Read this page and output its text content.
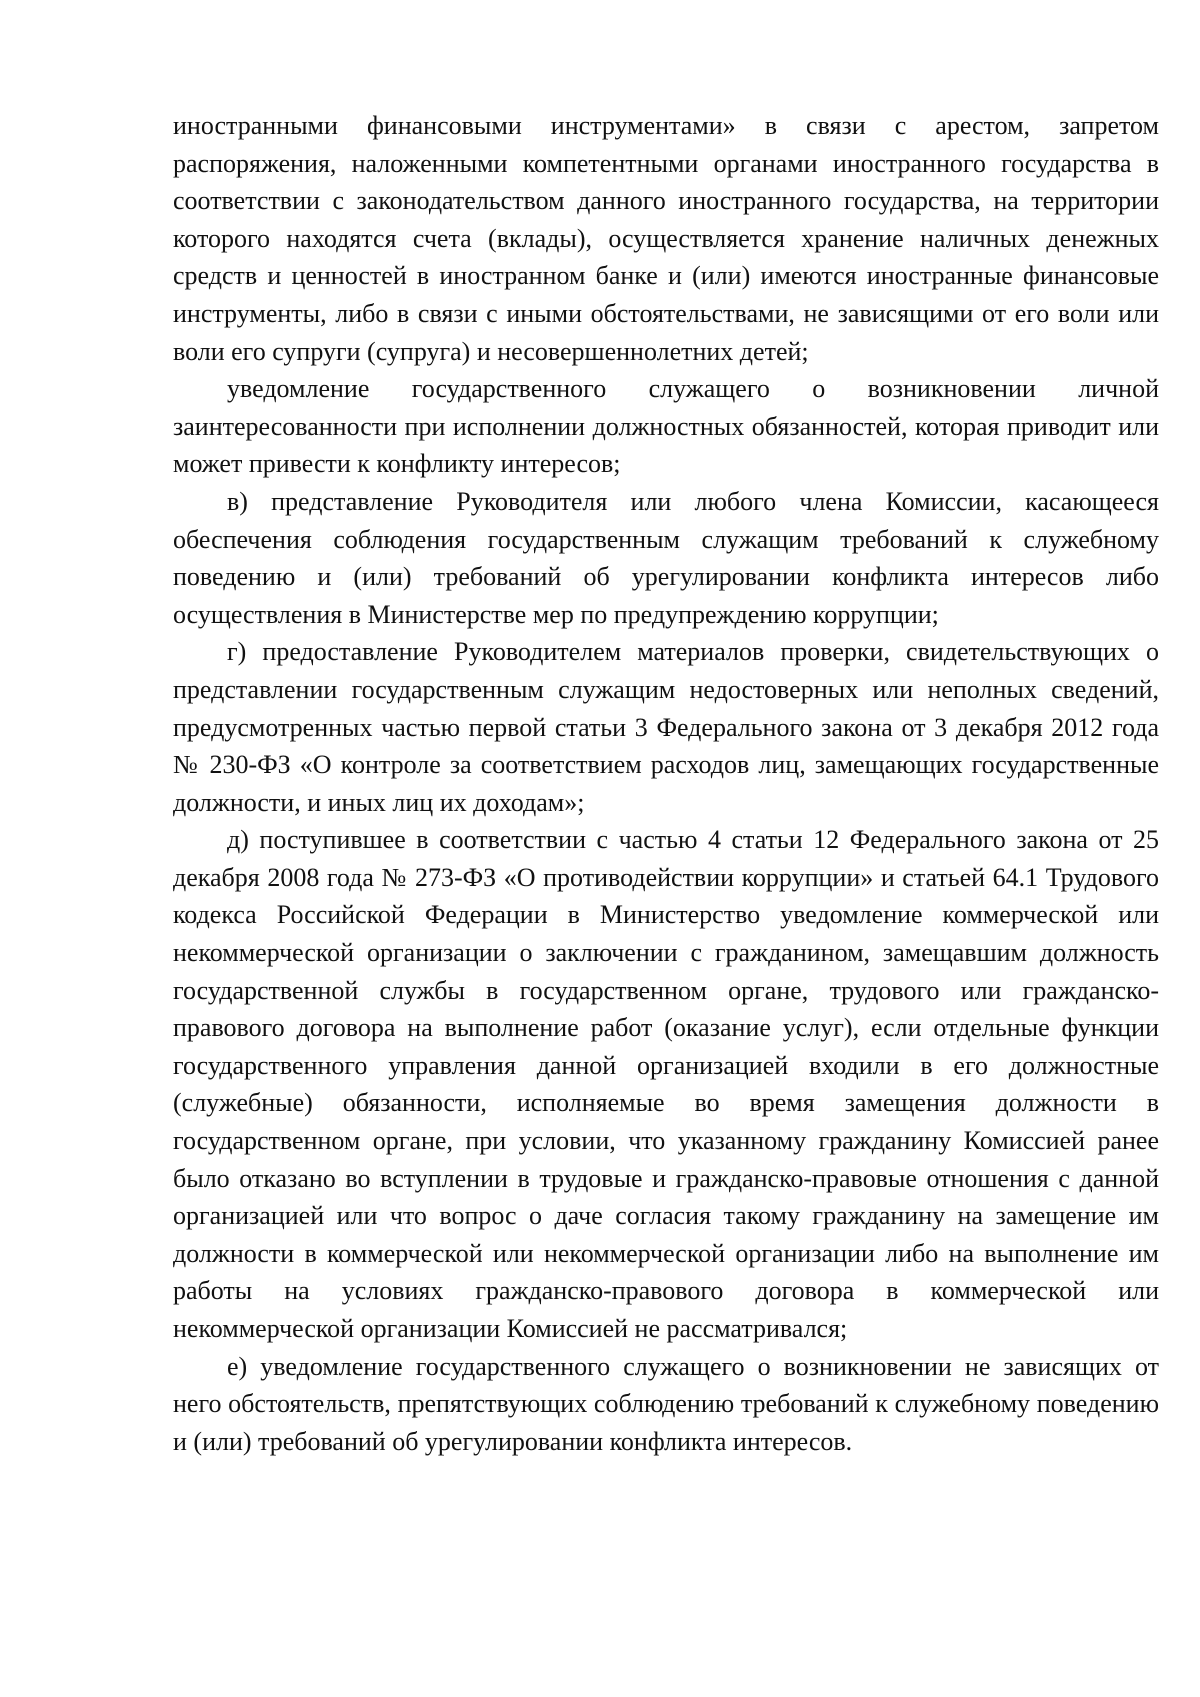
иностранными финансовыми инструментами» в связи с арестом, запретом распоряжения, наложенными компетентными органами иностранного государства в соответствии с законодательством данного иностранного государства, на территории которого находятся счета (вклады), осуществляется хранение наличных денежных средств и ценностей в иностранном банке и (или) имеются иностранные финансовые инструменты, либо в связи с иными обстоятельствами, не зависящими от его воли или воли его супруги (супруга) и несовершеннолетних детей;

уведомление государственного служащего о возникновении личной заинтересованности при исполнении должностных обязанностей, которая приводит или может привести к конфликту интересов;

в) представление Руководителя или любого члена Комиссии, касающееся обеспечения соблюдения государственным служащим требований к служебному поведению и (или) требований об урегулировании конфликта интересов либо осуществления в Министерстве мер по предупреждению коррупции;

г) предоставление Руководителем материалов проверки, свидетельствующих о представлении государственным служащим недостоверных или неполных сведений, предусмотренных частью первой статьи 3 Федерального закона от 3 декабря 2012 года № 230-ФЗ «О контроле за соответствием расходов лиц, замещающих государственные должности, и иных лиц их доходам»;

д) поступившее в соответствии с частью 4 статьи 12 Федерального закона от 25 декабря 2008 года № 273-ФЗ «О противодействии коррупции» и статьей 64.1 Трудового кодекса Российской Федерации в Министерство уведомление коммерческой или некоммерческой организации о заключении с гражданином, замещавшим должность государственной службы в государственном органе, трудового или гражданско-правового договора на выполнение работ (оказание услуг), если отдельные функции государственного управления данной организацией входили в его должностные (служебные) обязанности, исполняемые во время замещения должности в государственном органе, при условии, что указанному гражданину Комиссией ранее было отказано во вступлении в трудовые и гражданско-правовые отношения с данной организацией или что вопрос о даче согласия такому гражданину на замещение им должности в коммерческой или некоммерческой организации либо на выполнение им работы на условиях гражданско-правового договора в коммерческой или некоммерческой организации Комиссией не рассматривался;

е) уведомление государственного служащего о возникновении не зависящих от него обстоятельств, препятствующих соблюдению требований к служебному поведению и (или) требований об урегулировании конфликта интересов.
